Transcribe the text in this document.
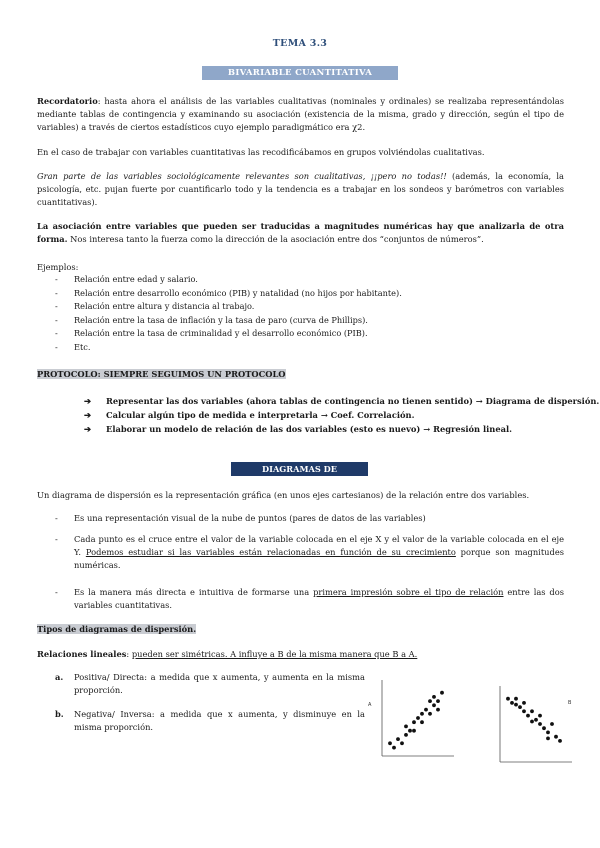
TEMA 3.3
BIVARIABLE CUANTITATIVA
Recordatorio: hasta ahora el análisis de las variables cualitativas (nominales y ordinales) se realizaba representándolas mediante tablas de contingencia y examinando su asociación (existencia de la misma, grado y dirección, según el tipo de variables) a través de ciertos estadísticos cuyo ejemplo paradigmático era χ2.
En el caso de trabajar con variables cuantitativas las recodificábamos en grupos volviéndolas cualitativas.
Gran parte de las variables sociológicamente relevantes son cualitativas, ¡¡pero no todas!! (además, la economía, la psicología, etc. pujan fuerte por cuantificarlo todo y la tendencia es a trabajar en los sondeos y barómetros con variables cuantitativas).
La asociación entre variables que pueden ser traducidas a magnitudes numéricas hay que analizarla de otra forma. Nos interesa tanto la fuerza como la dirección de la asociación entre dos “conjuntos de números”.
Ejemplos:
- Relación entre edad y salario.
- Relación entre desarrollo económico (PIB) y natalidad (no hijos por habitante).
- Relación entre altura y distancia al trabajo.
- Relación entre la tasa de inflación y la tasa de paro (curva de Phillips).
- Relación entre la tasa de criminalidad y el desarrollo económico (PIB).
- Etc.
PROTOCOLO: SIEMPRE SEGUIMOS UN PROTOCOLO
➔ Representar las dos variables (ahora tablas de contingencia no tienen sentido) → Diagrama de dispersión.
➔ Calcular algún tipo de medida e interpretarla → Coef. Correlación.
➔ Elaborar un modelo de relación de las dos variables (esto es nuevo) → Regresión lineal.
DIAGRAMAS DE DISPERSIÓN
Un diagrama de dispersión es la representación gráfica (en unos ejes cartesianos) de la relación entre dos variables.
- Es una representación visual de la nube de puntos (pares de datos de las variables)
- Cada punto es el cruce entre el valor de la variable colocada en el eje X y el valor de la variable colocada en el eje Y. Podemos estudiar si las variables están relacionadas en función de su crecimiento porque son magnitudes numéricas.
- Es la manera más directa e intuitiva de formarse una primera impresión sobre el tipo de relación entre las dos variables cuantitativas.
Tipos de diagramas de dispersión.
Relaciones lineales: pueden ser simétricas. A influye a B de la misma manera que B a A.
a. Positiva/ Directa: a medida que x aumenta, y aumenta en la misma proporción.
b. Negativa/ Inversa: a medida que x aumenta, y disminuye en la misma proporción.
A	B
